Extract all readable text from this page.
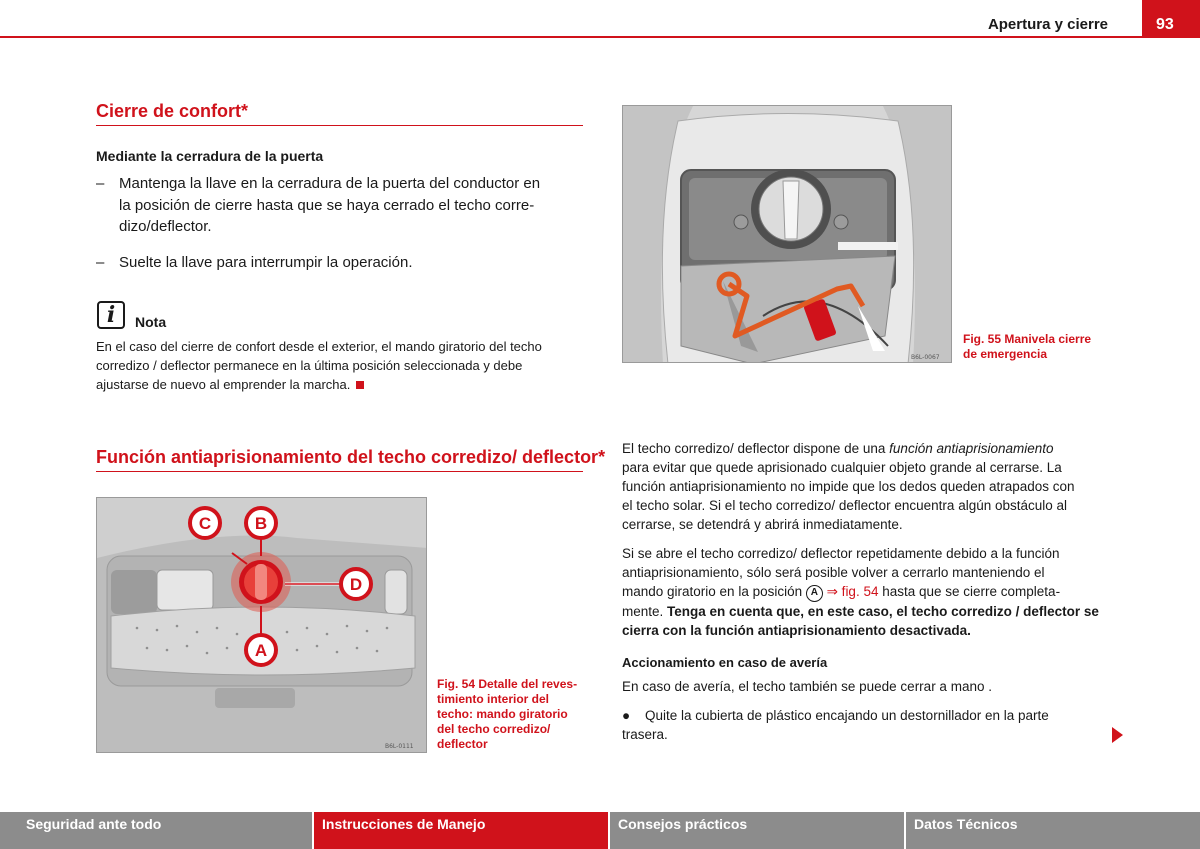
Apertura y cierre	93
Cierre de confort*
Mediante la cerradura de la puerta
– Mantenga la llave en la cerradura de la puerta del conductor en
la posición de cierre hasta que se haya cerrado el techo corre-
dizo/deflector.
– Suelte la llave para interrumpir la operación.
i	Nota
En el caso del cierre de confort desde el exterior, el mando giratorio del techo
corredizo / deflector permanece en la última posición seleccionada y debe
ajustarse de nuevo al emprender la marcha.
Función antiaprisionamiento del techo corredizo/ deflector*
C	B
D
A
B6L-0111
Fig. 54 Detalle del reves-
timiento interior del
techo: mando giratorio
del techo corredizo/
deflector
B6L-0067
Fig. 55 Manivela cierre
de emergencia
El techo corredizo/ deflector dispone de una función antiaprisionamiento
para evitar que quede aprisionado cualquier objeto grande al cerrarse. La
función antiaprisionamiento no impide que los dedos queden atrapados con
el techo solar. Si el techo corredizo/ deflector encuentra algún obstáculo al
cerrarse, se detendrá y abrirá inmediatamente.
Si se abre el techo corredizo/ deflector repetidamente debido a la función
antiaprisionamiento, sólo será posible volver a cerrarlo manteniendo el
mando giratorio en la posición A ⇒ fig. 54 hasta que se cierre completa-
mente. Tenga en cuenta que, en este caso, el techo corredizo / deflector se
cierra con la función antiaprisionamiento desactivada.
Accionamiento en caso de avería
En caso de avería, el techo también se puede cerrar a mano .
● Quite la cubierta de plástico encajando un destornillador en la parte
trasera.
Seguridad ante todo	Instrucciones de Manejo	Consejos prácticos	Datos Técnicos
